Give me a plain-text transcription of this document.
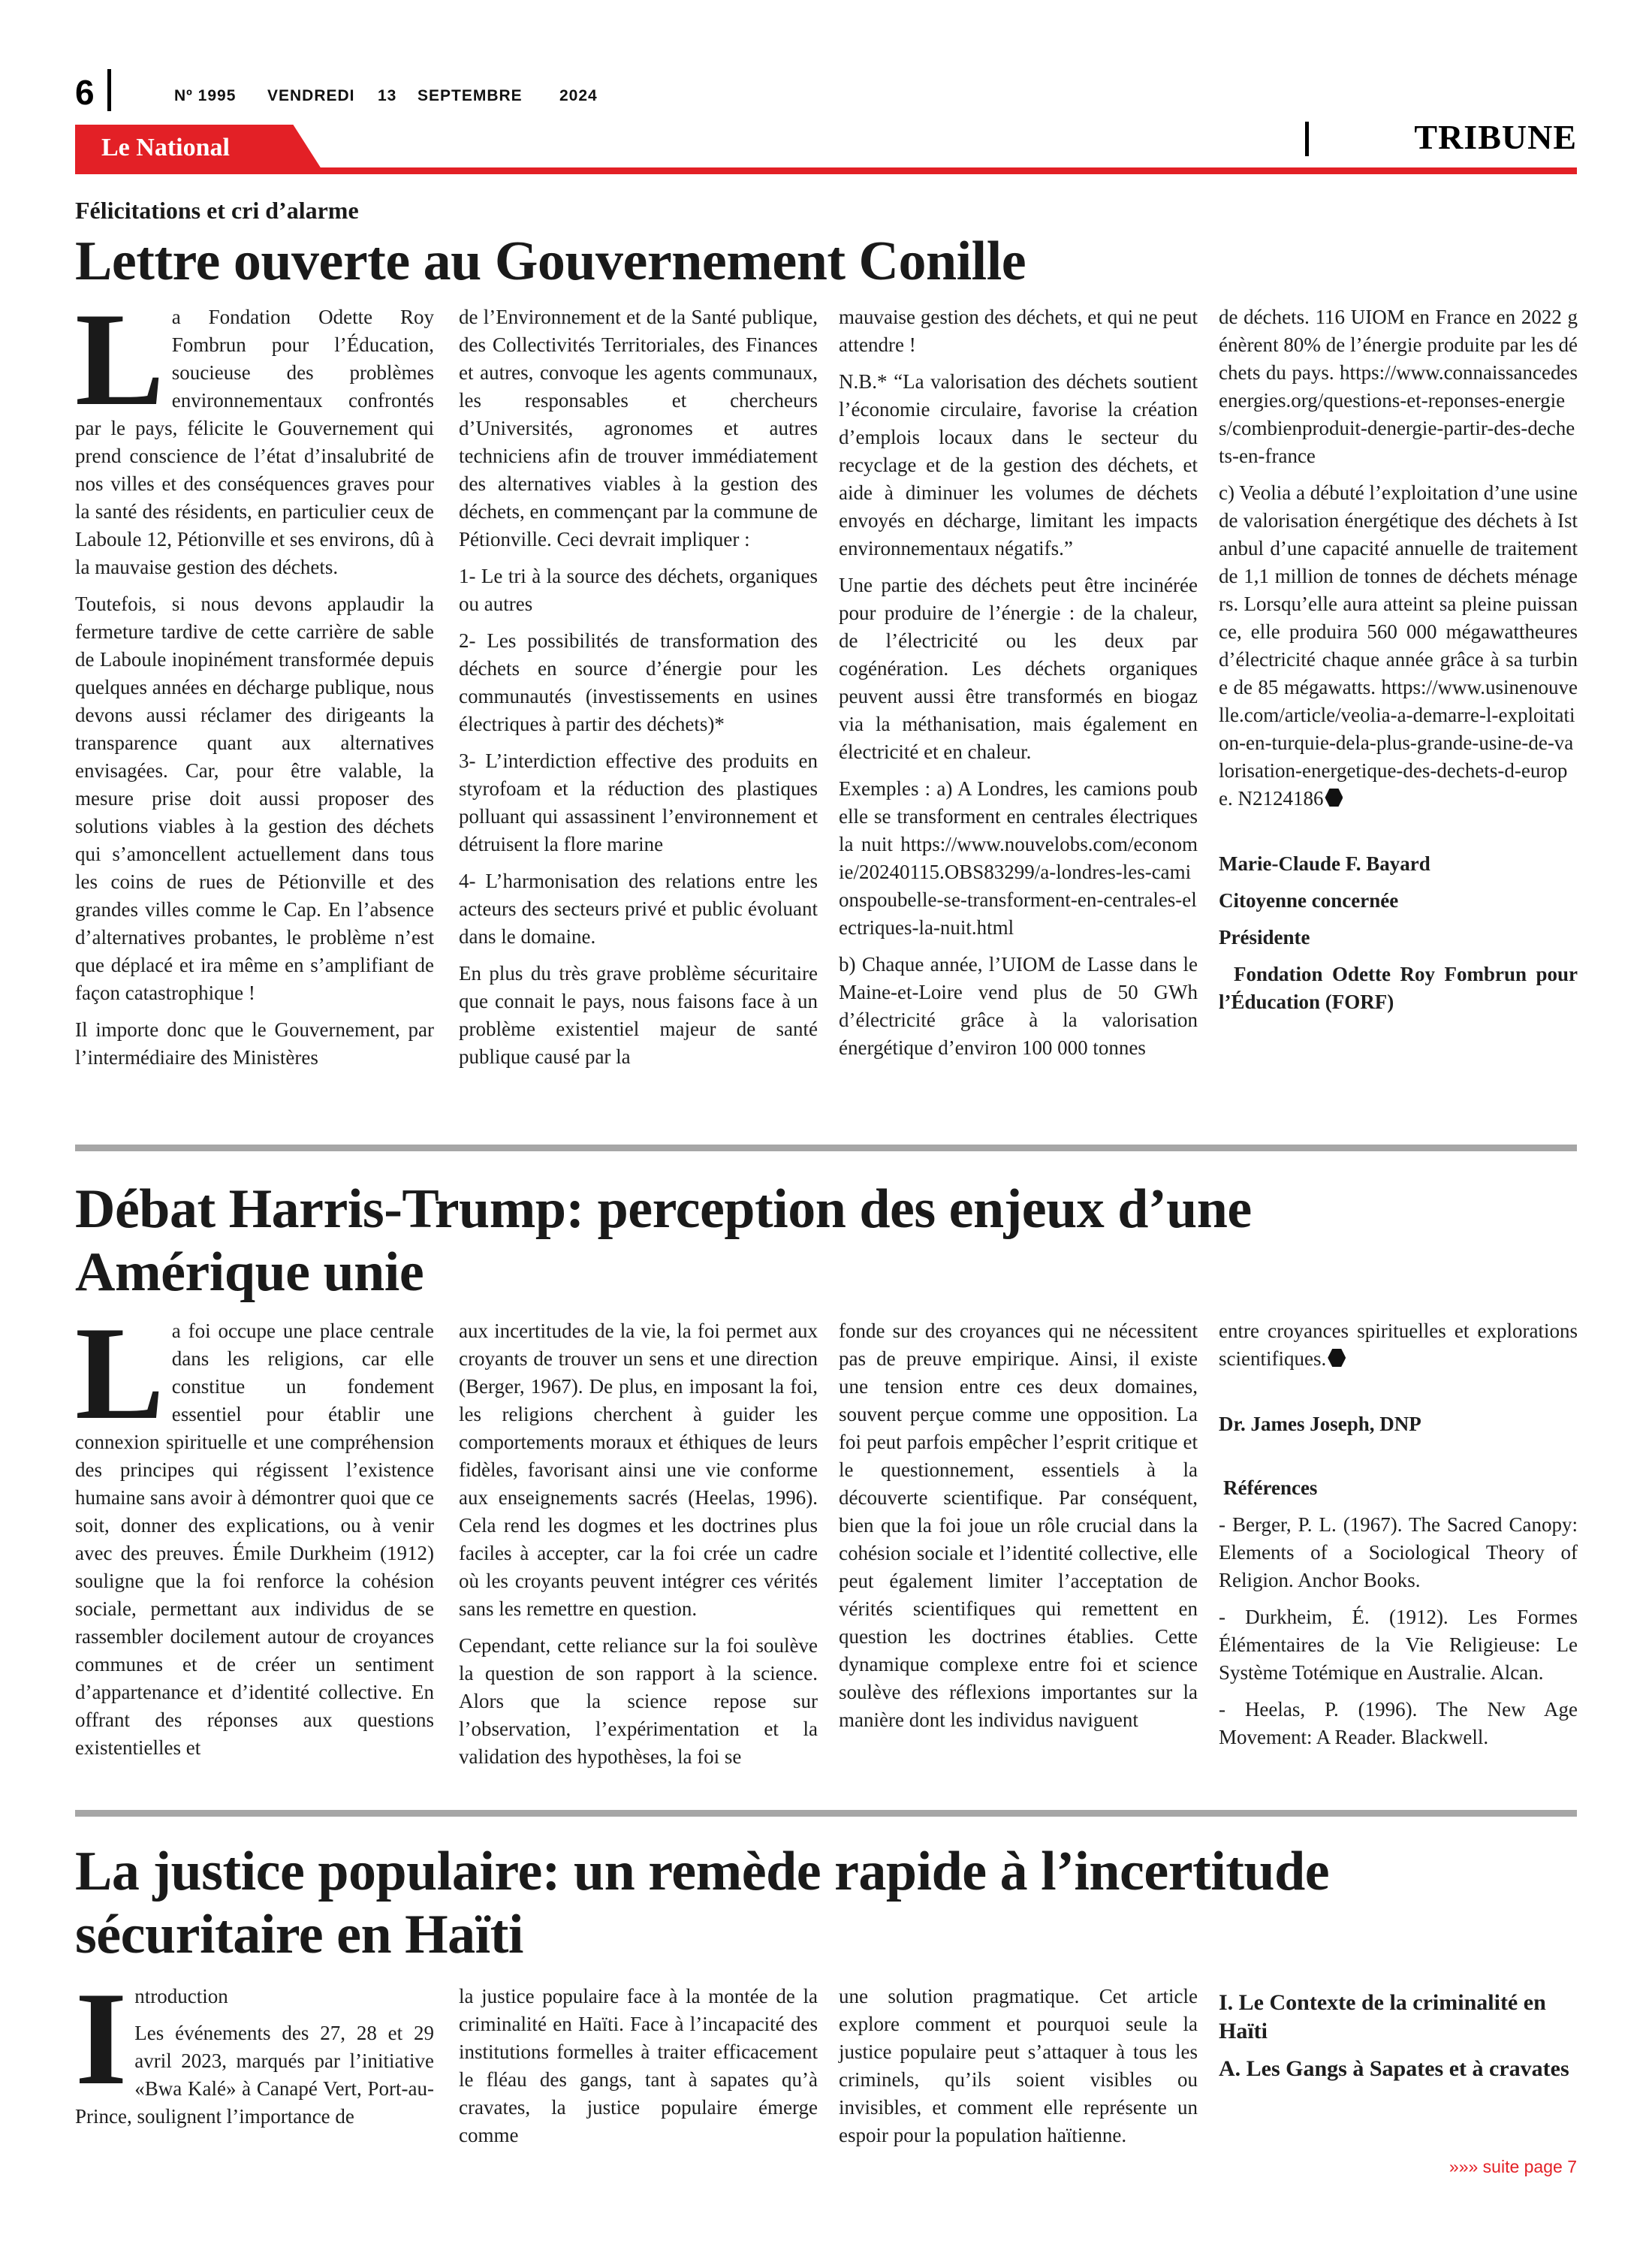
6	Nº 1995 VENDREDI 13 SEPTEMBRE 2024
Le National	TRIBUNE
Félicitations et cri d’alarme
Lettre ouverte au Gouvernement Conille

La Fondation Odette Roy Fombrun pour l’Éducation, soucieuse des problèmes environnementaux confrontés par le pays, félicite le Gouvernement qui prend conscience de l’état d’insalubrité de nos villes et des conséquences graves pour la santé des résidents, en particulier ceux de Laboule 12, Pétionville et ses environs, dû à la mauvaise gestion des déchets.

Toutefois, si nous devons applaudir la fermeture tardive de cette carrière de sable de Laboule inopinément transformée depuis quelques années en décharge publique, nous devons aussi réclamer des dirigeants la transparence quant aux alternatives envisagées. Car, pour être valable, la mesure prise doit aussi proposer des solutions viables à la gestion des déchets qui s’amoncellent actuellement dans tous les coins de rues de Pétionville et des grandes villes comme le Cap. En l’absence d’alternatives probantes, le problème n’est que déplacé et ira même en s’amplifiant de façon catastrophique !

Il importe donc que le Gouvernement, par l’intermédiaire des Ministères

de l’Environnement et de la Santé publique, des Collectivités Territoriales, des Finances et autres, convoque les agents communaux, les responsables et chercheurs d’Universités, agronomes et autres techniciens afin de trouver immédiatement des alternatives viables à la gestion des déchets, en commençant par la commune de Pétionville. Ceci devrait impliquer :

1- Le tri à la source des déchets, organiques ou autres

2- Les possibilités de transformation des déchets en source d’énergie pour les communautés (investissements en usines électriques à partir des déchets)*

3- L’interdiction effective des produits en styrofoam et la réduction des plastiques polluant qui assassinent l’environnement et détruisent la flore marine

4- L’harmonisation des relations entre les acteurs des secteurs privé et public évoluant dans le domaine.

En plus du très grave problème sécuritaire que connait le pays, nous faisons face à un problème existentiel majeur de santé publique causé par la

mauvaise gestion des déchets, et qui ne peut attendre !

N.B.* “La valorisation des déchets soutient l’économie circulaire, favorise la création d’emplois locaux dans le secteur du recyclage et de la gestion des déchets, et aide à diminuer les volumes de déchets envoyés en décharge, limitant les impacts environnementaux négatifs.”

Une partie des déchets peut être incinérée pour produire de l’énergie : de la chaleur, de l’électricité ou les deux par cogénération. Les déchets organiques peuvent aussi être transformés en biogaz via la méthanisation, mais également en électricité et en chaleur.

Exemples : a) A Londres, les camions poubelle se transforment en centrales électriques la nuit https://www.nouvelobs.com/economie/20240115.OBS83299/a-londres-les-camionspoubelle-se-transforment-en-centrales-electriques-la-nuit.html

b) Chaque année, l’UIOM de Lasse dans le Maine-et-Loire vend plus de 50 GWh d’électricité grâce à la valorisation énergétique d’environ 100 000 tonnes

de déchets. 116 UIOM en France en 2022 génèrent 80% de l’énergie produite par les déchets du pays. https://www.connaissancedesenergies.org/questions-et-reponses-energies/combienproduit-denergie-partir-des-dechets-en-france

c) Veolia a débuté l’exploitation d’une usine de valorisation énergétique des déchets à Istanbul d’une capacité annuelle de traitement de 1,1 million de tonnes de déchets ménagers. Lorsqu’elle aura atteint sa pleine puissance, elle produira 560 000 mégawattheures d’électricité chaque année grâce à sa turbine de 85 mégawatts. https://www.usinenouvelle.com/article/veolia-a-demarre-l-exploitation-en-turquie-dela-plus-grande-usine-de-valorisation-energetique-des-dechets-d-europe. N2124186

Marie-Claude F. Bayard

Citoyenne concernée

Présidente

Fondation Odette Roy Fombrun pour l’Éducation (FORF)

Débat Harris-Trump: perception des enjeux d’une
Amérique unie

La foi occupe une place centrale dans les religions, car elle constitue un fondement essentiel pour établir une connexion spirituelle et une compréhension des principes qui régissent l’existence humaine sans avoir à démontrer quoi que ce soit, donner des explications, ou à venir avec des preuves. Émile Durkheim (1912) souligne que la foi renforce la cohésion sociale, permettant aux individus de se rassembler docilement autour de croyances communes et de créer un sentiment d’appartenance et d’identité collective. En offrant des réponses aux questions existentielles et

aux incertitudes de la vie, la foi permet aux croyants de trouver un sens et une direction (Berger, 1967). De plus, en imposant la foi, les religions cherchent à guider les comportements moraux et éthiques de leurs fidèles, favorisant ainsi une vie conforme aux enseignements sacrés (Heelas, 1996). Cela rend les dogmes et les doctrines plus faciles à accepter, car la foi crée un cadre où les croyants peuvent intégrer ces vérités sans les remettre en question.

Cependant, cette reliance sur la foi soulève la question de son rapport à la science. Alors que la science repose sur l’observation, l’expérimentation et la validation des hypothèses, la foi se

fonde sur des croyances qui ne nécessitent pas de preuve empirique. Ainsi, il existe une tension entre ces deux domaines, souvent perçue comme une opposition. La foi peut parfois empêcher l’esprit critique et le questionnement, essentiels à la découverte scientifique. Par conséquent, bien que la foi joue un rôle crucial dans la cohésion sociale et l’identité collective, elle peut également limiter l’acceptation de vérités scientifiques qui remettent en question les doctrines établies. Cette dynamique complexe entre foi et science soulève des réflexions importantes sur la manière dont les individus naviguent

entre croyances spirituelles et explorations scientifiques.

Dr. James Joseph, DNP

Références

- Berger, P. L. (1967). The Sacred Canopy: Elements of a Sociological Theory of Religion. Anchor Books.

- Durkheim, É. (1912). Les Formes Élémentaires de la Vie Religieuse: Le Système Totémique en Australie. Alcan.

- Heelas, P. (1996). The New Age Movement: A Reader. Blackwell.

La justice populaire: un remède rapide à l’incertitude
sécuritaire en Haïti

Introduction

Les événements des 27, 28 et 29 avril 2023, marqués par l’initiative «Bwa Kalé» à Canapé Vert, Port-au-Prince, soulignent l’importance de

la justice populaire face à la montée de la criminalité en Haïti. Face à l’incapacité des institutions formelles à traiter efficacement le fléau des gangs, tant à sapates qu’à cravates, la justice populaire émerge comme

une solution pragmatique. Cet article explore comment et pourquoi seule la justice populaire peut s’attaquer à tous les criminels, qu’ils soient visibles ou invisibles, et comment elle représente un espoir pour la population haïtienne.

I. Le Contexte de la criminalité en Haïti

A. Les Gangs à Sapates et à cravates

»»» suite page 7
